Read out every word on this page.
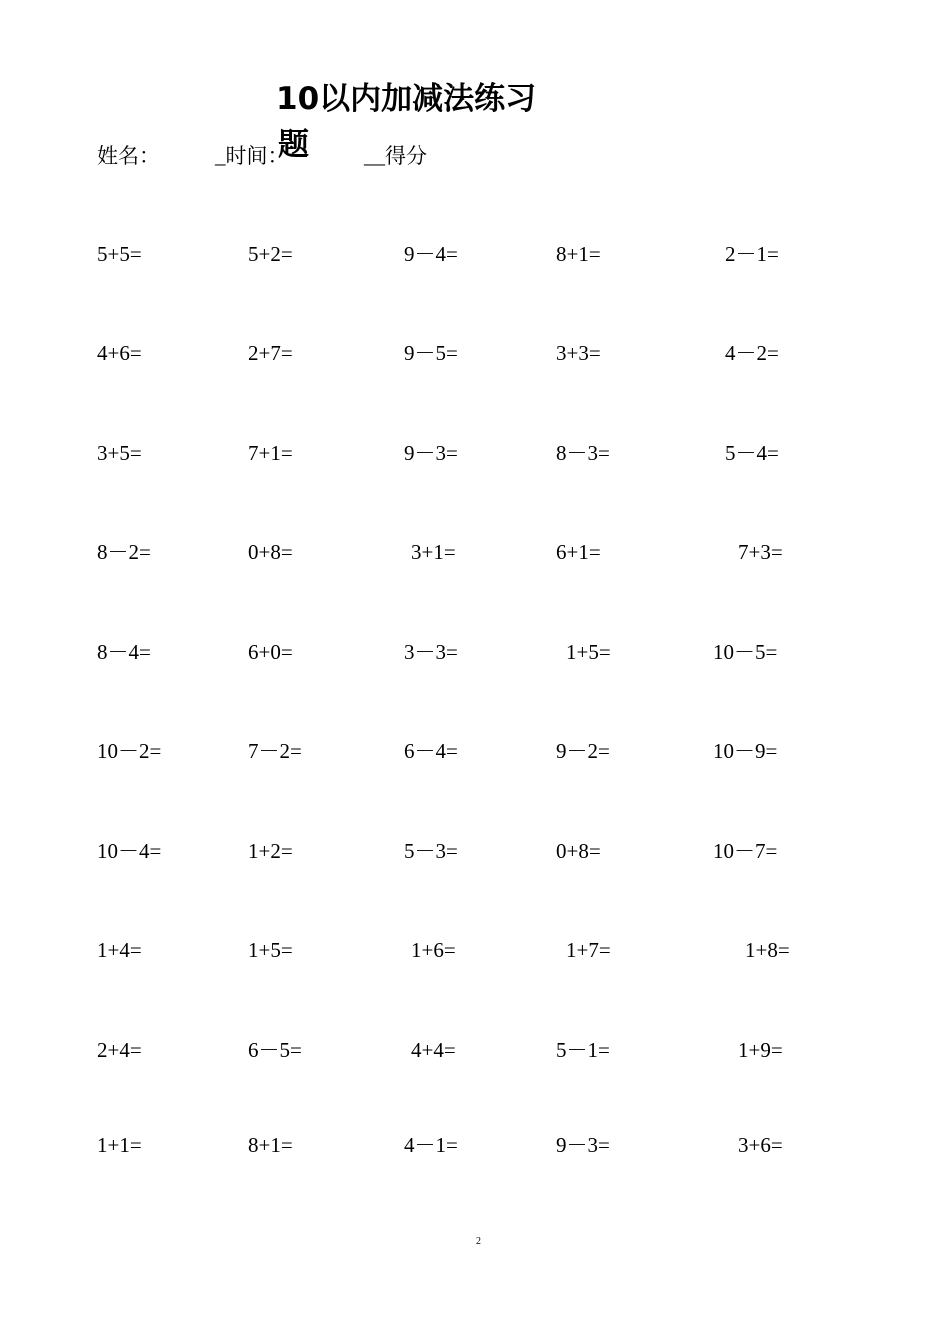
10以内加减法练习
题
姓名：	_时间：	__得分
5+5=	5+2=	9－4=	8+1=	2－1=
4+6=	2+7=	9－5=	3+3=	4－2=
3+5=	7+1=	9－3=	8－3=	5－4=
8－2=	0+8=	3+1=	6+1=	7+3=
8－4=	6+0=	3－3=	1+5=	10－5=
10－2=	7－2=	6－4=	9－2=	10－9=
10－4=	1+2=	5－3=	0+8=	10－7=
1+4=	1+5=	1+6=	1+7=	1+8=
2+4=	6－5=	4+4=	5－1=	1+9=
1+1=	8+1=	4－1=	9－3=	3+6=
2
